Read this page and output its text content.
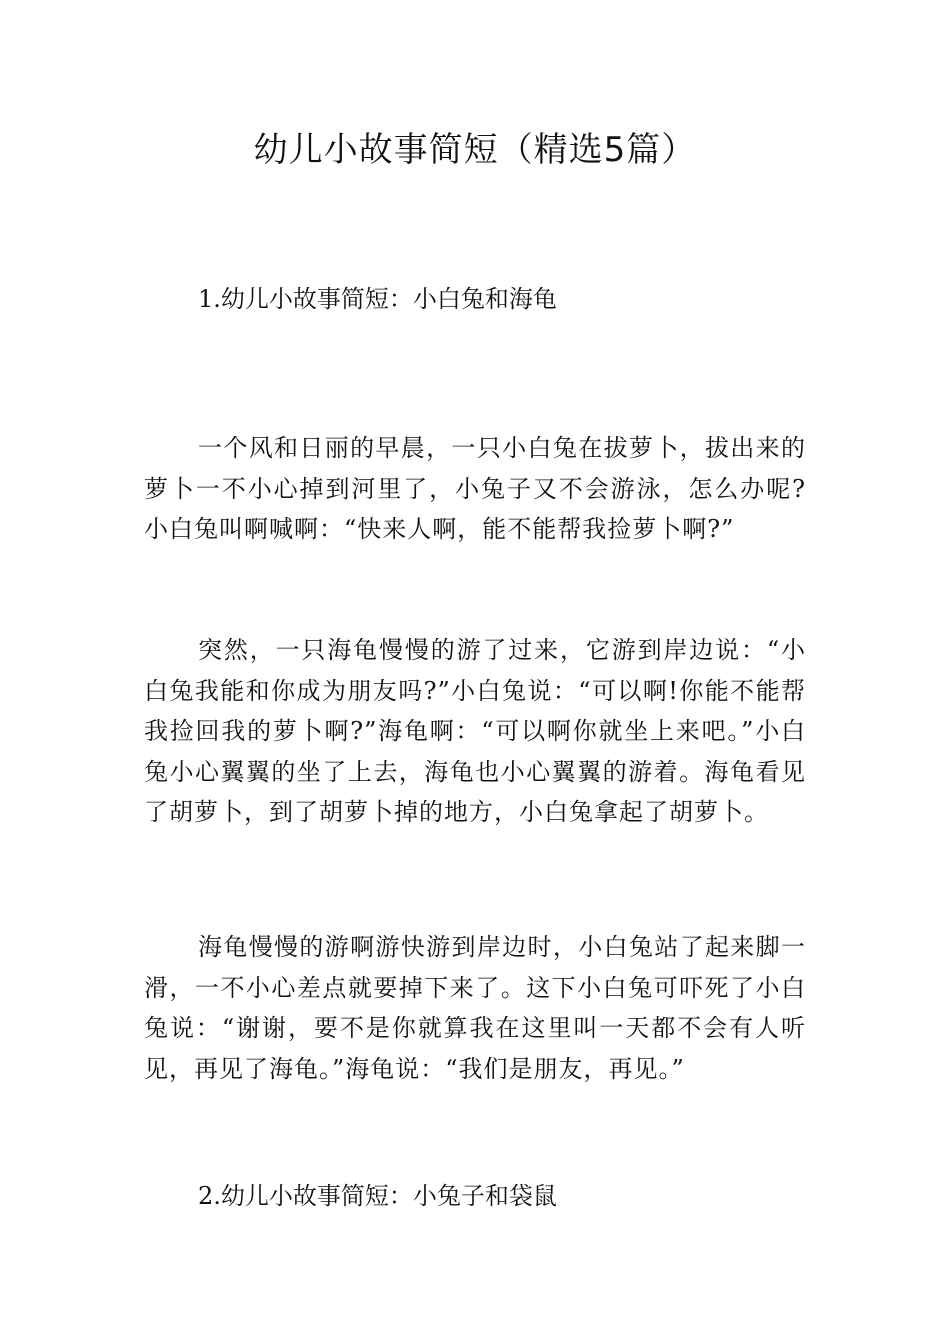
幼儿小故事简短（精选5篇）
1.幼儿小故事简短：小白兔和海龟

一个风和日丽的早晨，一只小白兔在拔萝卜，拔出来的萝卜一不小心掉到河里了，小兔子又不会游泳，怎么办呢?小白兔叫啊喊啊：“快来人啊，能不能帮我捡萝卜啊?”

突然，一只海龟慢慢的游了过来，它游到岸边说：“小白兔我能和你成为朋友吗?”小白兔说：“可以啊!你能不能帮我捡回我的萝卜啊?”海龟啊：“可以啊你就坐上来吧。”小白兔小心翼翼的坐了上去，海龟也小心翼翼的游着。海龟看见了胡萝卜，到了胡萝卜掉的地方，小白兔拿起了胡萝卜。

海龟慢慢的游啊游快游到岸边时，小白兔站了起来脚一滑，一不小心差点就要掉下来了。这下小白兔可吓死了小白兔说：“谢谢，要不是你就算我在这里叫一天都不会有人听见，再见了海龟。”海龟说：“我们是朋友，再见。”

2.幼儿小故事简短：小兔子和袋鼠
